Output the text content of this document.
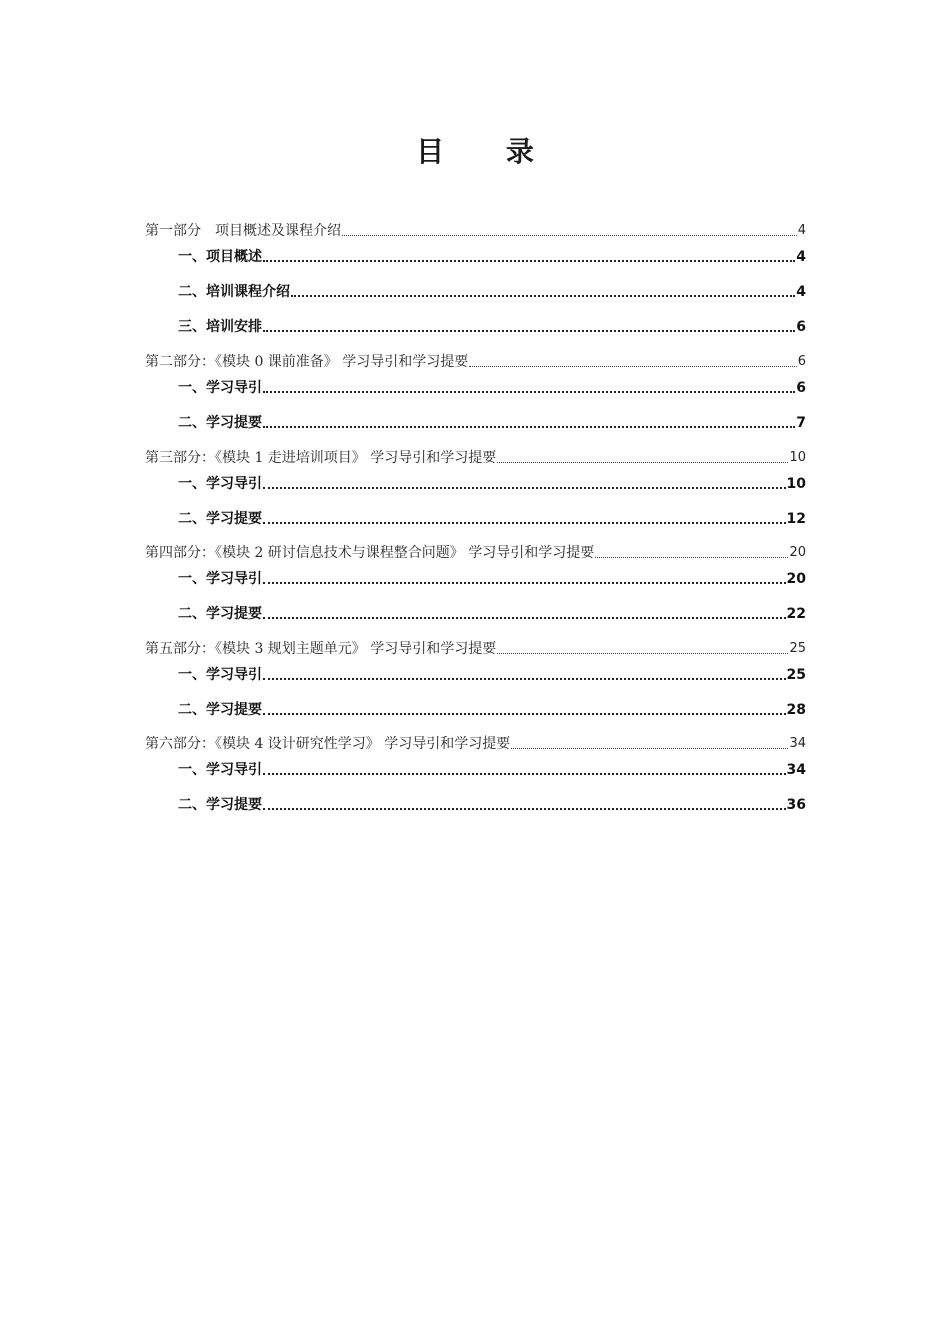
目 录
第一部分　项目概述及课程介绍	4
一、项目概述	4
二、培训课程介绍	4
三、培训安排	6
第二部分：《模块 0 课前准备》 学习导引和学习提要	6
一、学习导引	6
二、学习提要	7
第三部分：《模块 1 走进培训项目》 学习导引和学习提要	10
一、学习导引	10
二、学习提要	12
第四部分：《模块 2 研讨信息技术与课程整合问题》 学习导引和学习提要	20
一、学习导引	20
二、学习提要	22
第五部分：《模块 3 规划主题单元》 学习导引和学习提要	25
一、学习导引	25
二、学习提要	28
第六部分：《模块 4 设计研究性学习》 学习导引和学习提要	34
一、学习导引	34
二、学习提要	36
